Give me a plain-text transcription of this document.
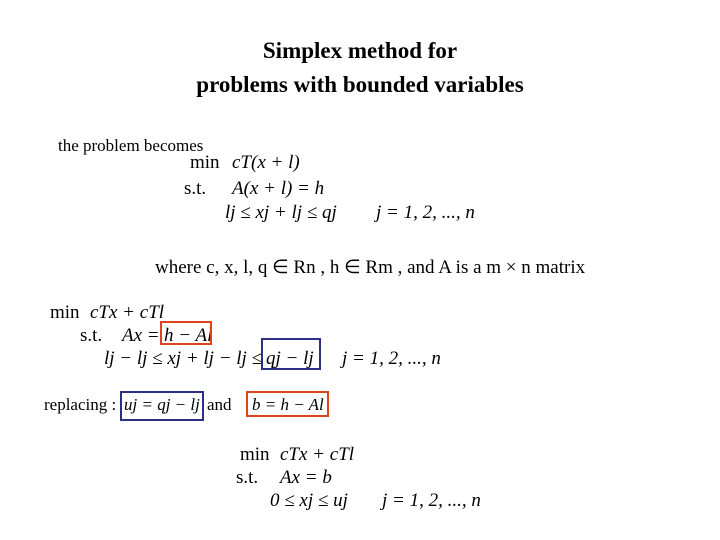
Simplex method for
problems with bounded variables
the problem becomes
min cT(x + l)
s.t. A(x + l) = h
lj ≤ xj + lj ≤ qj j = 1, 2, ..., n
where c, x, l, q ∈ Rn , h ∈ Rm , and A is a m × n matrix
min cTx + cTl
s.t. Ax = h − Al
lj − lj ≤ xj + lj − lj ≤ qj − lj j = 1, 2, ..., n
replacing : uj = qj − lj and b = h − Al
min cTx + cTl
s.t. Ax = b
0 ≤ xj ≤ uj j = 1, 2, ..., n
